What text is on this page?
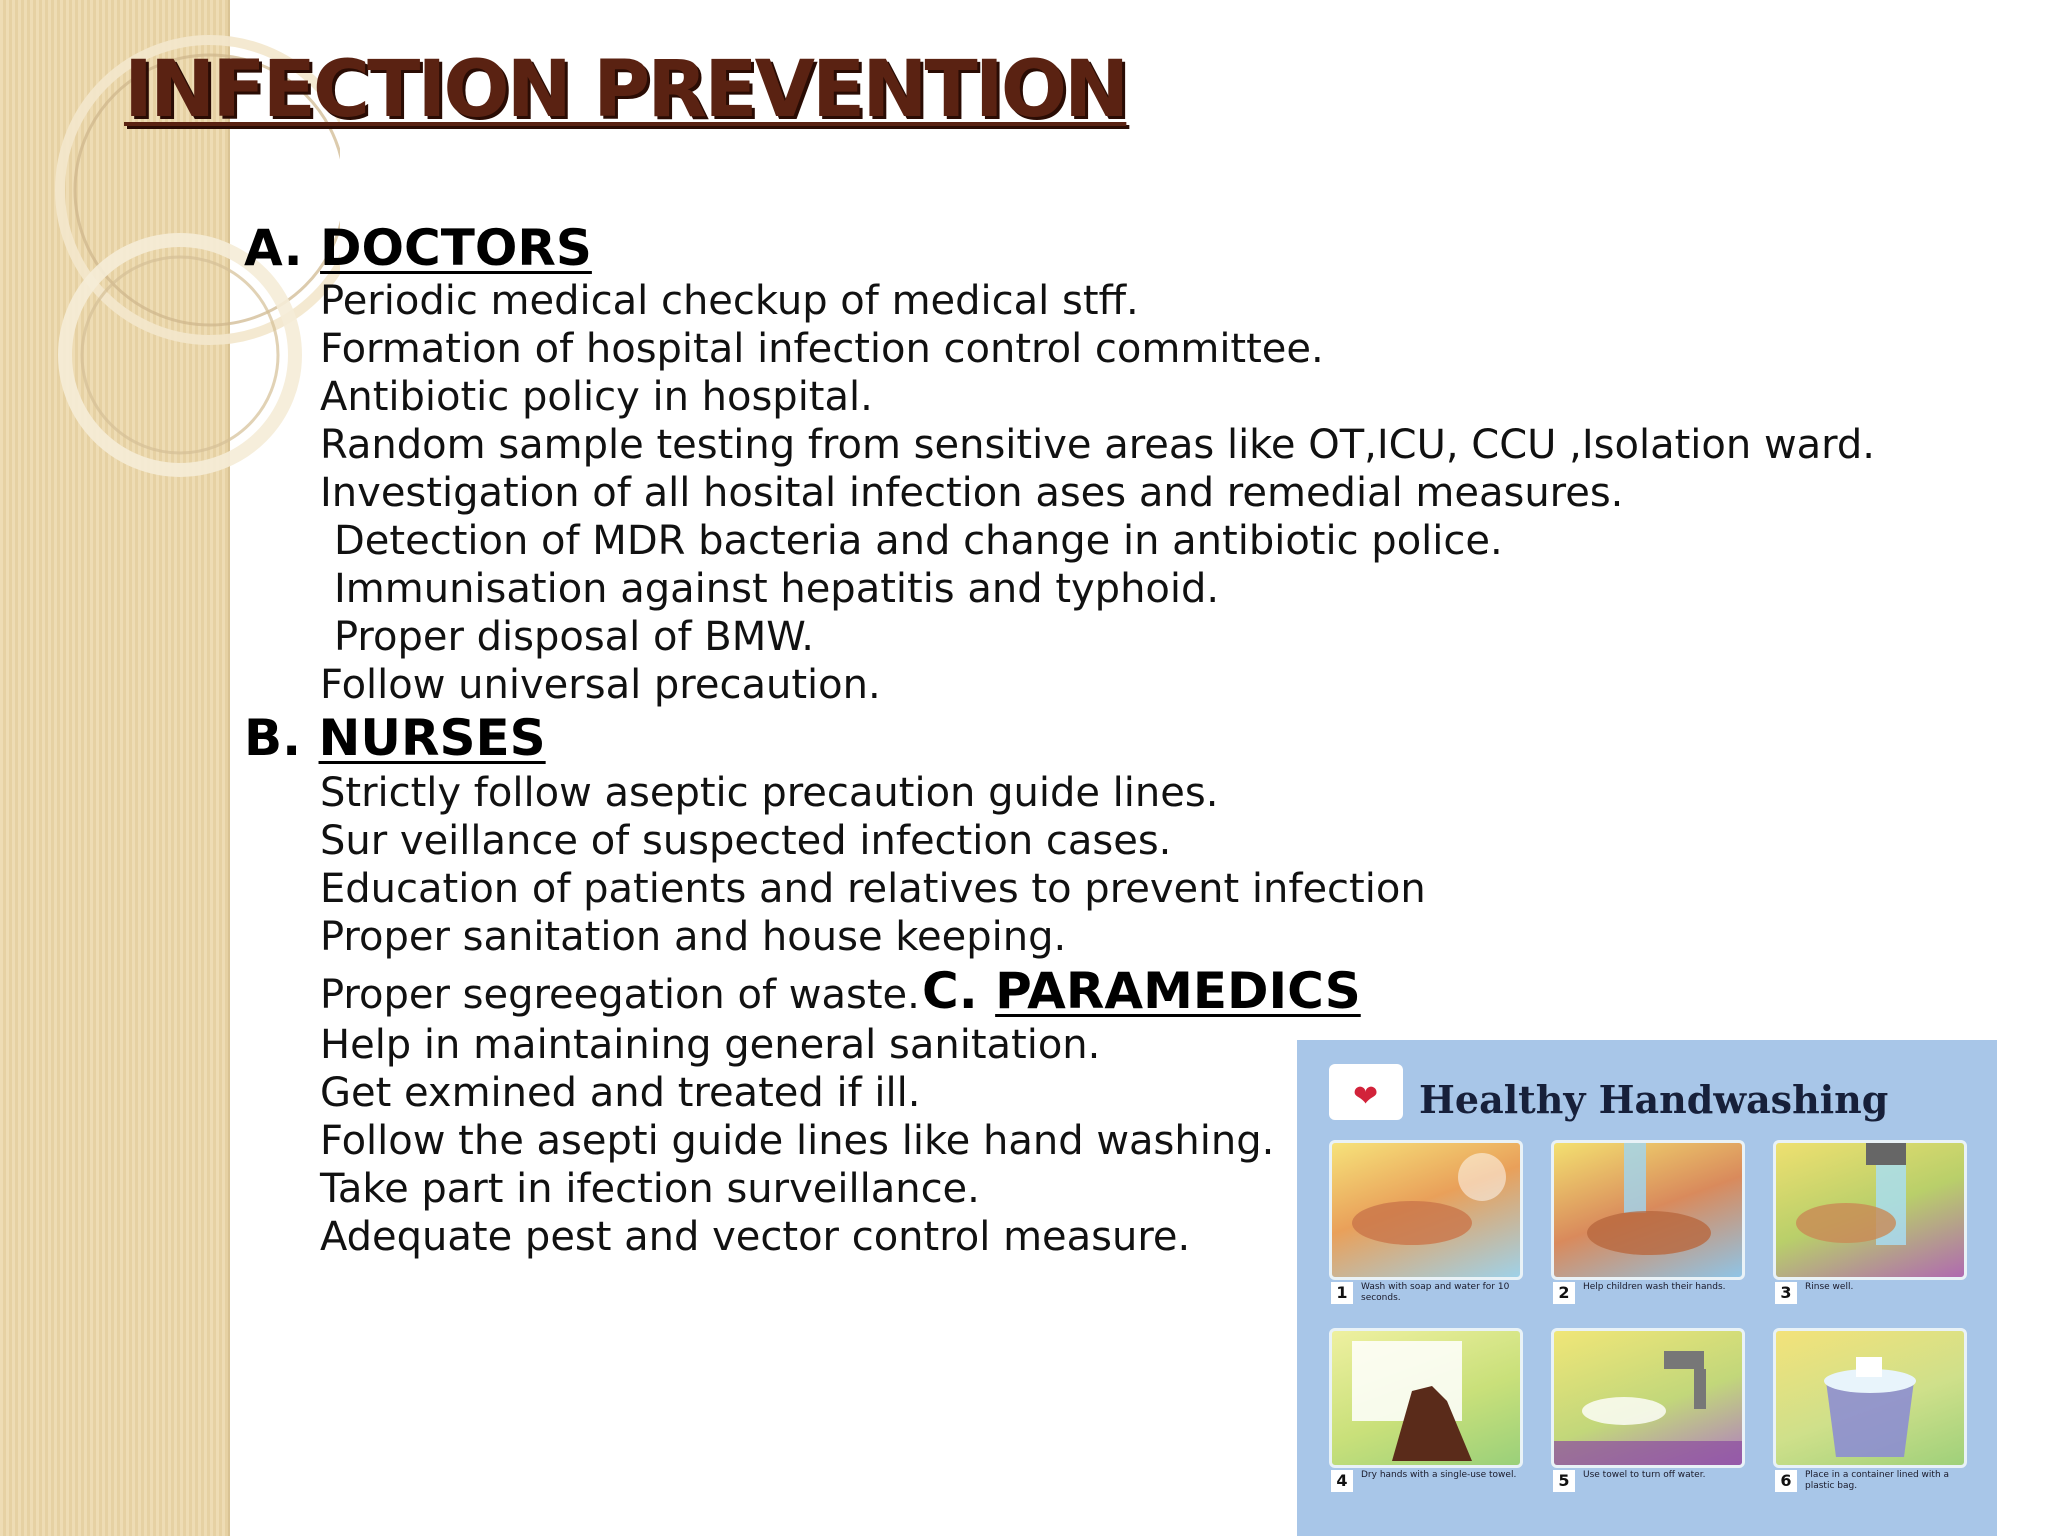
INFECTION PREVENTION
A. DOCTORS
Periodic medical checkup of medical stff.
Formation of hospital infection control committee.
Antibiotic policy in hospital.
Random sample testing from sensitive areas like OT,ICU, CCU ,Isolation ward.
Investigation of all hosital infection ases and remedial measures.
Detection of MDR bacteria and change in antibiotic police.
Immunisation against hepatitis and typhoid.
Proper disposal of BMW.
Follow universal precaution.
B. NURSES
Strictly follow aseptic precaution guide lines.
Sur veillance of suspected infection cases.
Education of patients and relatives to prevent infection
Proper sanitation and house keeping.
Proper segreegation of waste. C. PARAMEDICS
Help in maintaining general sanitation.
Get exmined and treated if ill.
Follow the asepti guide lines like hand washing.
Take part in ifection surveillance.
Adequate pest and vector control measure.
❤ Healthy Handwashing
1	Wash with soap and water for 10 seconds.	2	Help children wash their hands.	3	Rinse well.
4	Dry hands with a single-use towel.	5	Use towel to turn off water.	6	Place in a container lined with a plastic bag.
